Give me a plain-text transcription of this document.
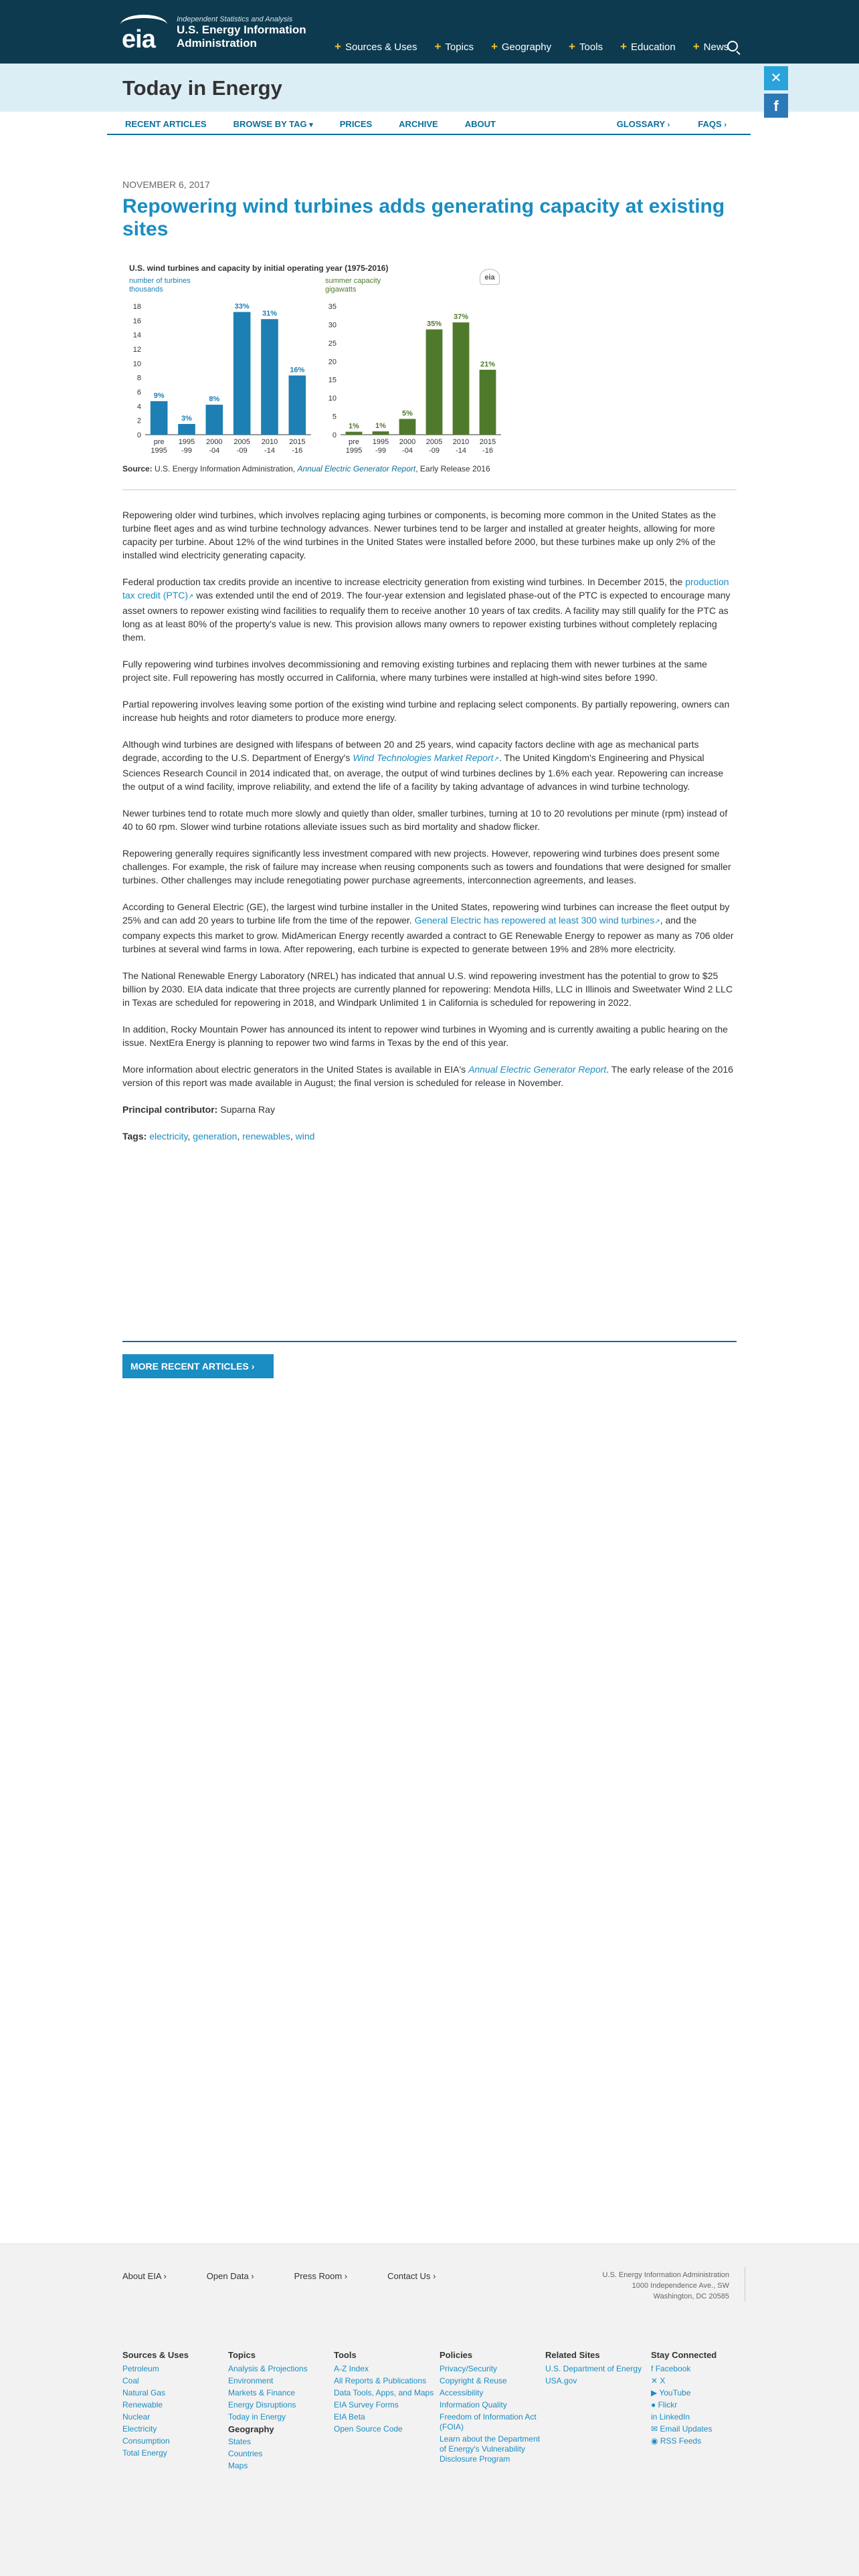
eia
Independent Statistics and Analysis
U.S. Energy Information
Administration	+ Sources & Uses + Topics + Geography + Tools + Education + News
Today in Energy	✕
f
RECENT ARTICLES	BROWSE BY TAG ▾	PRICES	ARCHIVE	ABOUT	GLOSSARY ›	FAQS ›
NOVEMBER 6, 2017
Repowering wind turbines adds generating capacity at existing sites
U.S. wind turbines and capacity by initial operating year (1975-2016)
number of turbines
thousands
summer capacity
gigawatts
eia
0
2
4
6
8
10
12
14
16
18
9%
pre
1995
3%
1995
-99
8%
2000
-04
33%
2005
-09
31%
2010
-14
16%
2015
-16
0
5
10
15
20
25
30
35
1%
pre
1995
1%
1995
-99
5%
2000
-04
35%
2005
-09
37%
2010
-14
21%
2015
-16
Source: U.S. Energy Information Administration, Annual Electric Generator Report, Early Release 2016

Repowering older wind turbines, which involves replacing aging turbines or components, is becoming more common in the United States as the turbine fleet ages and as wind turbine technology advances. Newer turbines tend to be larger and installed at greater heights, allowing for more capacity per turbine. About 12% of the wind turbines in the United States were installed before 2000, but these turbines make up only 2% of the installed wind electricity generating capacity.

Federal production tax credits provide an incentive to increase electricity generation from existing wind turbines. In December 2015, the production tax credit (PTC)↗ was extended until the end of 2019. The four-year extension and legislated phase-out of the PTC is expected to encourage many asset owners to repower existing wind facilities to requalify them to receive another 10 years of tax credits. A facility may still qualify for the PTC as long as at least 80% of the property's value is new. This provision allows many owners to repower existing turbines without completely replacing them.

Fully repowering wind turbines involves decommissioning and removing existing turbines and replacing them with newer turbines at the same project site. Full repowering has mostly occurred in California, where many turbines were installed at high-wind sites before 1990.

Partial repowering involves leaving some portion of the existing wind turbine and replacing select components. By partially repowering, owners can increase hub heights and rotor diameters to produce more energy.

Although wind turbines are designed with lifespans of between 20 and 25 years, wind capacity factors decline with age as mechanical parts degrade, according to the U.S. Department of Energy's Wind Technologies Market Report↗. The United Kingdom's Engineering and Physical Sciences Research Council in 2014 indicated that, on average, the output of wind turbines declines by 1.6% each year. Repowering can increase the output of a wind facility, improve reliability, and extend the life of a facility by taking advantage of advances in wind turbine technology.

Newer turbines tend to rotate much more slowly and quietly than older, smaller turbines, turning at 10 to 20 revolutions per minute (rpm) instead of 40 to 60 rpm. Slower wind turbine rotations alleviate issues such as bird mortality and shadow flicker.

Repowering generally requires significantly less investment compared with new projects. However, repowering wind turbines does present some challenges. For example, the risk of failure may increase when reusing components such as towers and foundations that were designed for smaller turbines. Other challenges may include renegotiating power purchase agreements, interconnection agreements, and leases.

According to General Electric (GE), the largest wind turbine installer in the United States, repowering wind turbines can increase the fleet output by 25% and can add 20 years to turbine life from the time of the repower. General Electric has repowered at least 300 wind turbines↗, and the company expects this market to grow. MidAmerican Energy recently awarded a contract to GE Renewable Energy to repower as many as 706 older turbines at several wind farms in Iowa. After repowering, each turbine is expected to generate between 19% and 28% more electricity.

The National Renewable Energy Laboratory (NREL) has indicated that annual U.S. wind repowering investment has the potential to grow to $25 billion by 2030. EIA data indicate that three projects are currently planned for repowering: Mendota Hills, LLC in Illinois and Sweetwater Wind 2 LLC in Texas are scheduled for repowering in 2018, and Windpark Unlimited 1 in California is scheduled for repowering in 2022.

In addition, Rocky Mountain Power has announced its intent to repower wind turbines in Wyoming and is currently awaiting a public hearing on the issue. NextEra Energy is planning to repower two wind farms in Texas by the end of this year.

More information about electric generators in the United States is available in EIA's Annual Electric Generator Report. The early release of the 2016 version of this report was made available in August; the final version is scheduled for release in November.

Principal contributor: Suparna Ray

Tags: electricity, generation, renewables, wind

MORE RECENT ARTICLES ›
About EIA ›	Open Data ›	Press Room ›	Contact Us ›	U.S. Energy Information Administration
1000 Independence Ave., SW
Washington, DC 20585
Sources & Uses
Petroleum
Coal
Natural Gas
Renewable
Nuclear
Electricity
Consumption
Total Energy
Topics
Analysis & Projections
Environment
Markets & Finance
Energy Disruptions
Today in Energy
Geography
States
Countries
Maps
Tools
A-Z Index
All Reports & Publications
Data Tools, Apps, and Maps
EIA Survey Forms
EIA Beta
Open Source Code
Policies
Privacy/Security
Copyright & Reuse
Accessibility
Information Quality
Freedom of Information Act (FOIA)
Learn about the Department of Energy's Vulnerability Disclosure Program
Related Sites
U.S. Department of Energy
USA.gov
Stay Connected
f Facebook
✕ X
▶ YouTube
● Flickr
in LinkedIn
✉ Email Updates
◉ RSS Feeds
